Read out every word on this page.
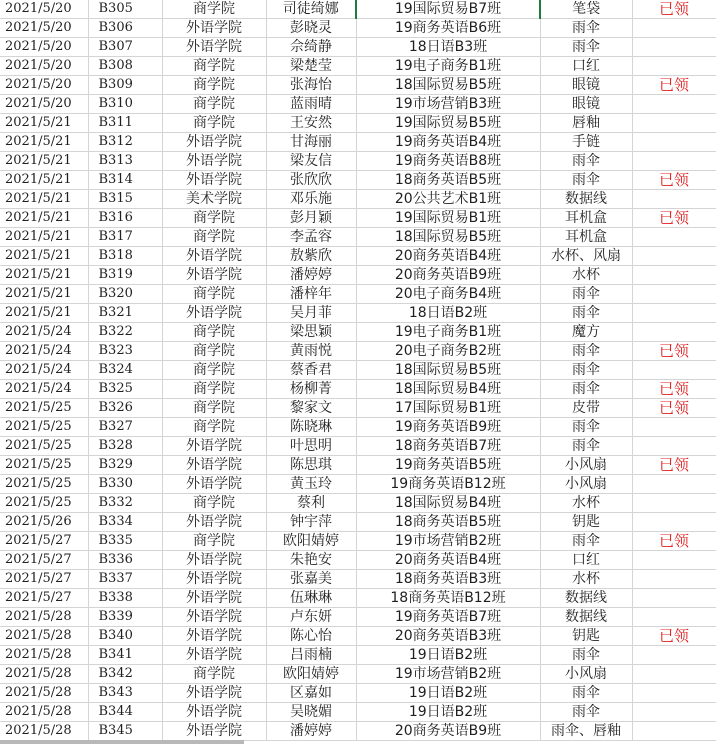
2021/5/20	B305	商学院	司徒绮娜	19国际贸易B7班	笔袋	已领
2021/5/20	B306	外语学院	彭晓灵	19商务英语B6班	雨伞	
2021/5/20	B307	外语学院	佘绮静	18日语B3班	雨伞	
2021/5/20	B308	商学院	梁楚莹	19电子商务B1班	口红	
2021/5/20	B309	商学院	张海怡	18国际贸易B5班	眼镜	已领
2021/5/20	B310	商学院	蓝雨晴	19市场营销B3班	眼镜	
2021/5/21	B311	商学院	王安然	19国际贸易B5班	唇釉	
2021/5/21	B312	外语学院	甘海丽	19商务英语B4班	手链	
2021/5/21	B313	外语学院	梁友信	19商务英语B8班	雨伞	
2021/5/21	B314	外语学院	张欣欣	18商务英语B5班	雨伞	已领
2021/5/21	B315	美术学院	邓乐施	20公共艺术B1班	数据线	
2021/5/21	B316	商学院	彭月颖	19国际贸易B1班	耳机盒	已领
2021/5/21	B317	商学院	李孟容	18国际贸易B5班	耳机盒	
2021/5/21	B318	外语学院	敖紫欣	20商务英语B4班	水杯、风扇	
2021/5/21	B319	外语学院	潘婷婷	20商务英语B9班	水杯	
2021/5/21	B320	商学院	潘梓年	20电子商务B4班	雨伞	
2021/5/21	B321	外语学院	吴月菲	18日语B2班	雨伞	
2021/5/24	B322	商学院	梁思颖	19电子商务B1班	魔方	
2021/5/24	B323	商学院	黄雨悦	20电子商务B2班	雨伞	已领
2021/5/24	B324	商学院	蔡香君	18国际贸易B5班	雨伞	
2021/5/24	B325	商学院	杨柳菁	18国际贸易B4班	雨伞	已领
2021/5/25	B326	商学院	黎家文	17国际贸易B1班	皮带	已领
2021/5/25	B327	商学院	陈晓琳	19商务英语B9班	雨伞	
2021/5/25	B328	外语学院	叶思明	18商务英语B7班	雨伞	
2021/5/25	B329	外语学院	陈思琪	19商务英语B5班	小风扇	已领
2021/5/25	B330	外语学院	黄玉玲	19商务英语B12班	小风扇	
2021/5/25	B332	商学院	蔡利	18国际贸易B4班	水杯	
2021/5/26	B334	外语学院	钟宇萍	18商务英语B5班	钥匙	
2021/5/27	B335	商学院	欧阳婧婷	19市场营销B2班	雨伞	已领
2021/5/27	B336	外语学院	朱艳安	20商务英语B4班	口红	
2021/5/27	B337	外语学院	张嘉美	18商务英语B3班	水杯	
2021/5/27	B338	外语学院	伍琳琳	18商务英语B12班	数据线	
2021/5/28	B339	外语学院	卢东妍	19商务英语B7班	数据线	
2021/5/28	B340	外语学院	陈心怡	20商务英语B3班	钥匙	已领
2021/5/28	B341	外语学院	吕雨楠	19日语B2班	雨伞	
2021/5/28	B342	商学院	欧阳婧婷	19市场营销B2班	小风扇	
2021/5/28	B343	外语学院	区嘉如	19日语B2班	雨伞	
2021/5/28	B344	外语学院	吴晓媚	19日语B2班	雨伞	
2021/5/28	B345	外语学院	潘婷婷	20商务英语B9班	雨伞、唇釉	
